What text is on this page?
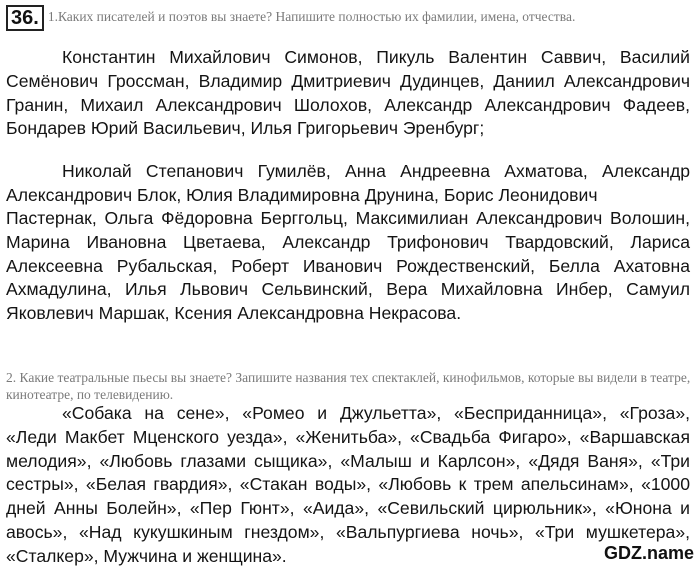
36. 1.Каких писателей и поэтов вы знаете? Напишите полностью их фамилии, имена, отчества.

Константин Михайлович Симонов, Пикуль Валентин Саввич, Василий Семёнович Гроссман, Владимир Дмитриевич Дудинцев, Даниил Александрович Гранин, Михаил Александрович Шолохов, Александр Александрович Фадеев, Бондарев Юрий Васильевич, Илья Григорьевич Эренбург;

Николай Степанович Гумилёв, Анна Андреевна Ахматова, Александр Александрович Блок, Юлия Владимировна Друнина, Борис Леонидович

Пастернак, Ольга Фёдоровна Берггольц, Максимилиан Александрович Волошин, Марина Ивановна Цветаева, Александр Трифонович Твардовский, Лариса Алексеевна Рубальская, Роберт Иванович Рождественский, Белла Ахатовна Ахмадулина, Илья Львович Сельвинский, Вера Михайловна Инбер, Самуил Яковлевич Маршак, Ксения Александровна Некрасова.

2. Какие театральные пьесы вы знаете? Запишите названия тех спектаклей, кинофильмов, которые вы видели в театре, кинотеатре, по телевидению.

«Собака на сене», «Ромео и Джульетта», «Бесприданница», «Гроза», «Леди Макбет Мценского уезда», «Женитьба», «Свадьба Фигаро», «Варшавская мелодия», «Любовь глазами сыщика», «Малыш и Карлсон», «Дядя Ваня», «Три сестры», «Белая гвардия», «Стакан воды», «Любовь к трем апельсинам», «1000 дней Анны Болейн», «Пер Гюнт», «Аида», «Севильский цирюльник», «Юнона и авось», «Над кукушкиным гнездом», «Вальпургиева ночь», «Три мушкетера», «Сталкер», Мужчина и женщина».	GDZ.name
